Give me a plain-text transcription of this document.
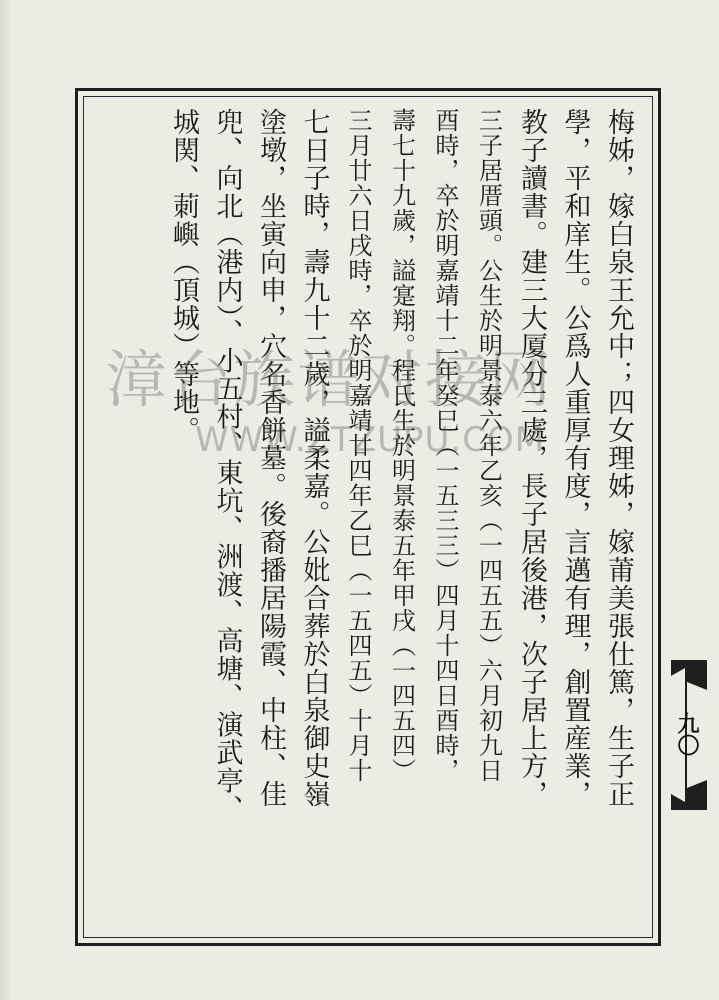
梅姊，嫁白泉王允中；四女理姊，嫁莆美張仕篤，生子正
學，平和庠生。公爲人重厚有度，言邁有理，創置産業，
教子讀書。建三大厦分三處，長子居後港，次子居上方，
三子居厝頭。公生於明景泰六年乙亥（一四五五）六月初九日
酉時，卒於明嘉靖十二年癸巳（一五三三）四月十四日酉時，
壽七十九歲，謚寔翔。程氏生於明景泰五年甲戌（一四五四）
三月廿六日戌時，卒於明嘉靖廿四年乙巳（一五四五）十月十
七日子時，壽九十二歲，謚柔嘉。公妣合葬於白泉御史嶺
塗墩，坐寅向申，穴名香餅墓。後裔播居陽霞、中柱、佳
兜、向北（港内）、小五村、東坑、洲渡、高塘、演武亭、
城関、莿嶼（頂城）等地。
漳台族谱对接网
WWW.ZTZUPU.COM
九〇
